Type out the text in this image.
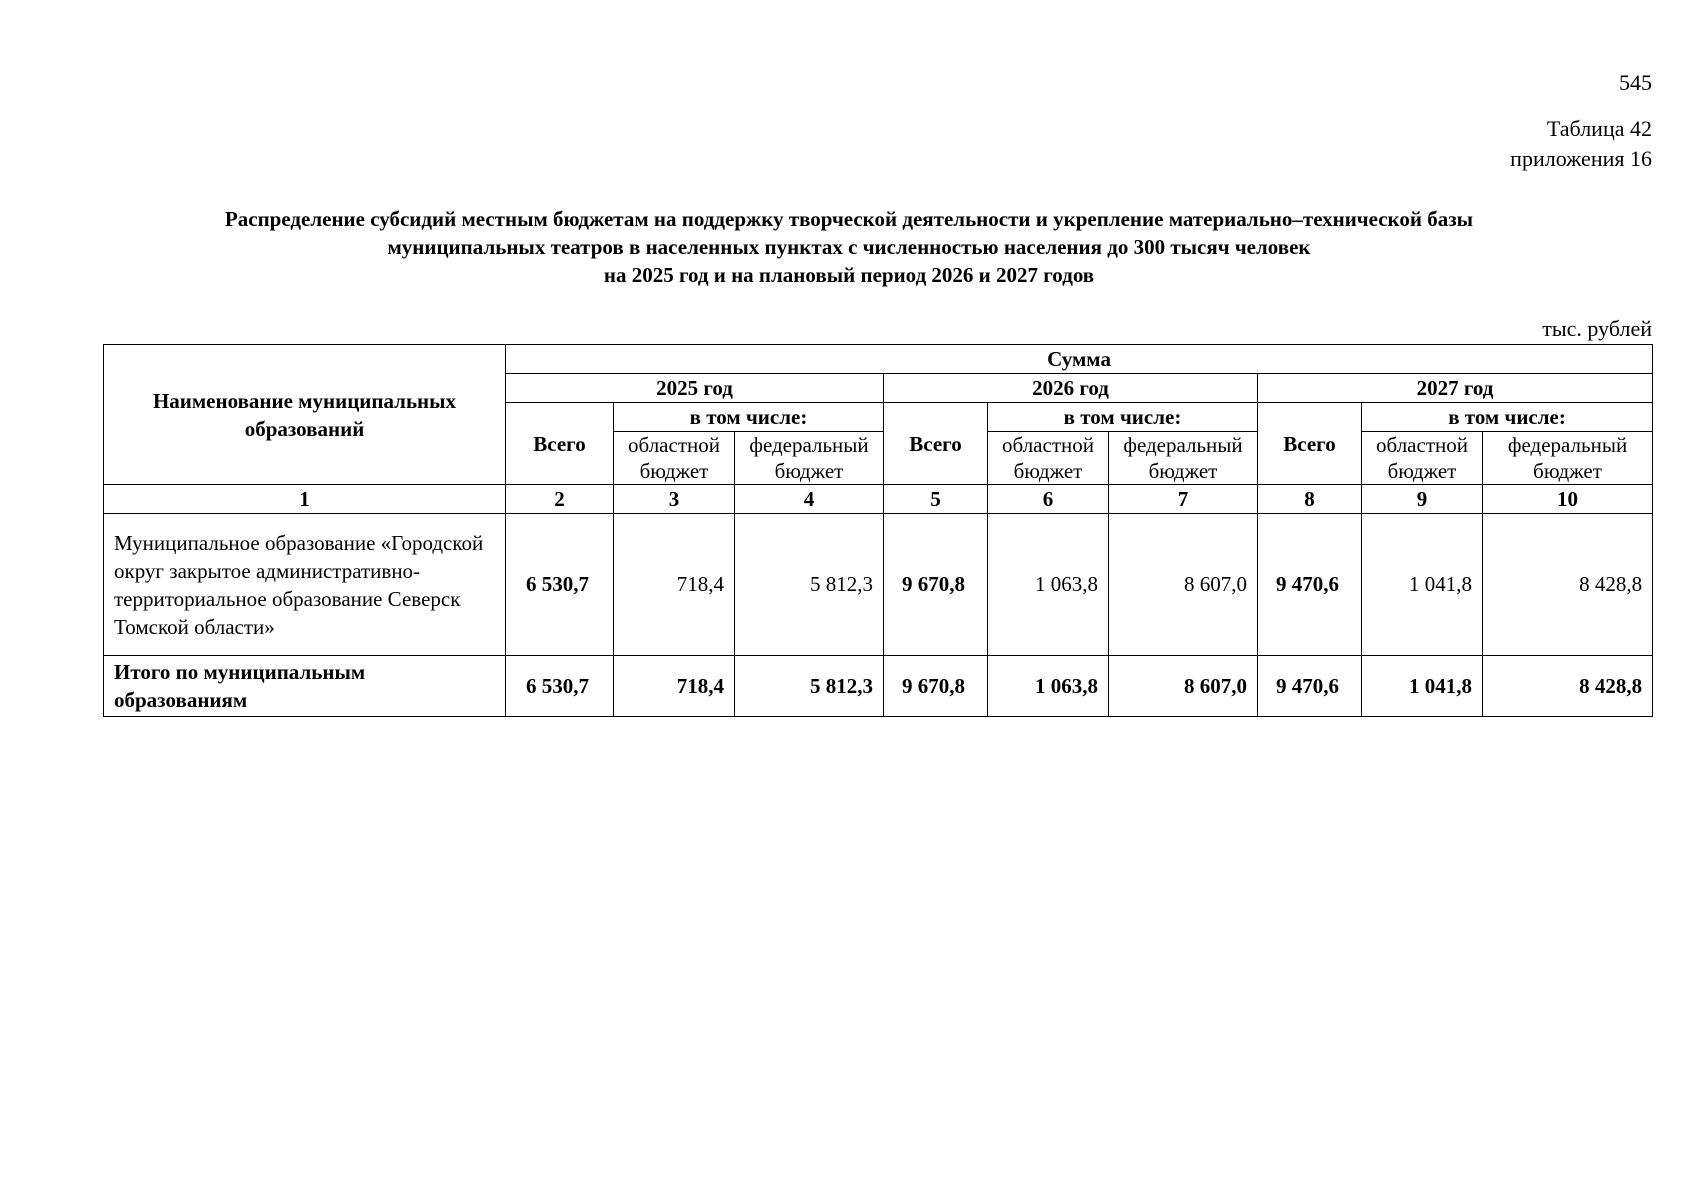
545
Таблица 42
приложения 16
Распределение субсидий местным бюджетам на поддержку творческой деятельности и укрепление материально–технической базы
муниципальных театров в населенных пунктах с численностью населения до 300 тысяч человек
на 2025 год и на плановый период 2026 и 2027 годов
тыс. рублей
Наименование муниципальных образований	Сумма								
	2025 год			2026 год			2027 год		
	Всего	в том числе:		Всего	в том числе:		Всего	в том числе:	
		областной бюджет	федеральный бюджет		областной бюджет	федеральный бюджет		областной бюджет	федеральный бюджет
1	2	3	4	5	6	7	8	9	10
Муниципальное образование «Городской округ закрытое административно-территориальное образование Северск Томской области»	6 530,7	718,4	5 812,3	9 670,8	1 063,8	8 607,0	9 470,6	1 041,8	8 428,8
Итого по муниципальным образованиям	6 530,7	718,4	5 812,3	9 670,8	1 063,8	8 607,0	9 470,6	1 041,8	8 428,8
